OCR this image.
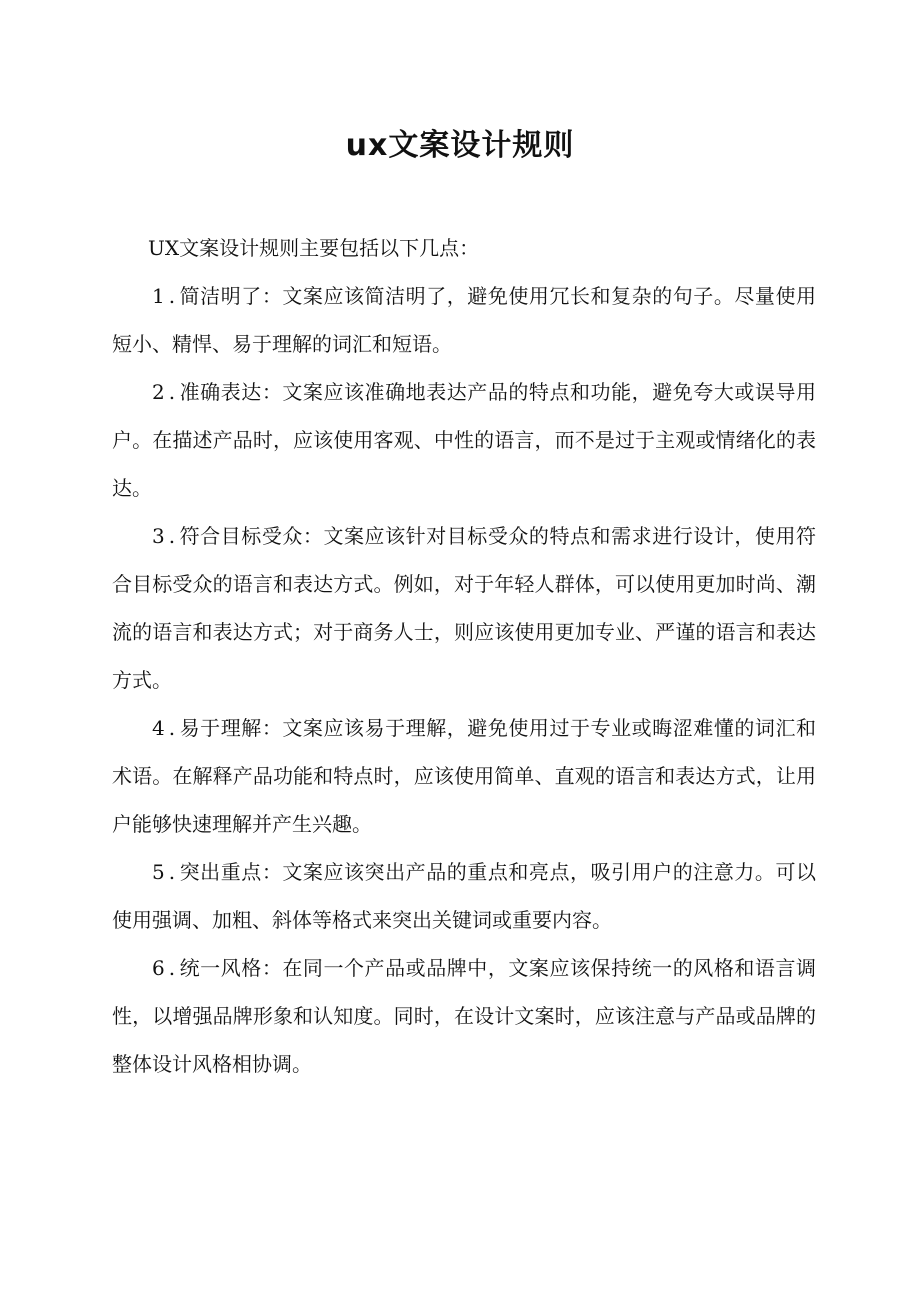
ux文案设计规则

UX文案设计规则主要包括以下几点：

1.简洁明了：文案应该简洁明了，避免使用冗长和复杂的句子。尽量使用短小、精悍、易于理解的词汇和短语。

2.准确表达：文案应该准确地表达产品的特点和功能，避免夸大或误导用户。在描述产品时，应该使用客观、中性的语言，而不是过于主观或情绪化的表达。

3.符合目标受众：文案应该针对目标受众的特点和需求进行设计，使用符合目标受众的语言和表达方式。例如，对于年轻人群体，可以使用更加时尚、潮流的语言和表达方式；对于商务人士，则应该使用更加专业、严谨的语言和表达方式。

4.易于理解：文案应该易于理解，避免使用过于专业或晦涩难懂的词汇和术语。在解释产品功能和特点时，应该使用简单、直观的语言和表达方式，让用户能够快速理解并产生兴趣。

5.突出重点：文案应该突出产品的重点和亮点，吸引用户的注意力。可以使用强调、加粗、斜体等格式来突出关键词或重要内容。

6.统一风格：在同一个产品或品牌中，文案应该保持统一的风格和语言调性，以增强品牌形象和认知度。同时，在设计文案时，应该注意与产品或品牌的整体设计风格相协调。
